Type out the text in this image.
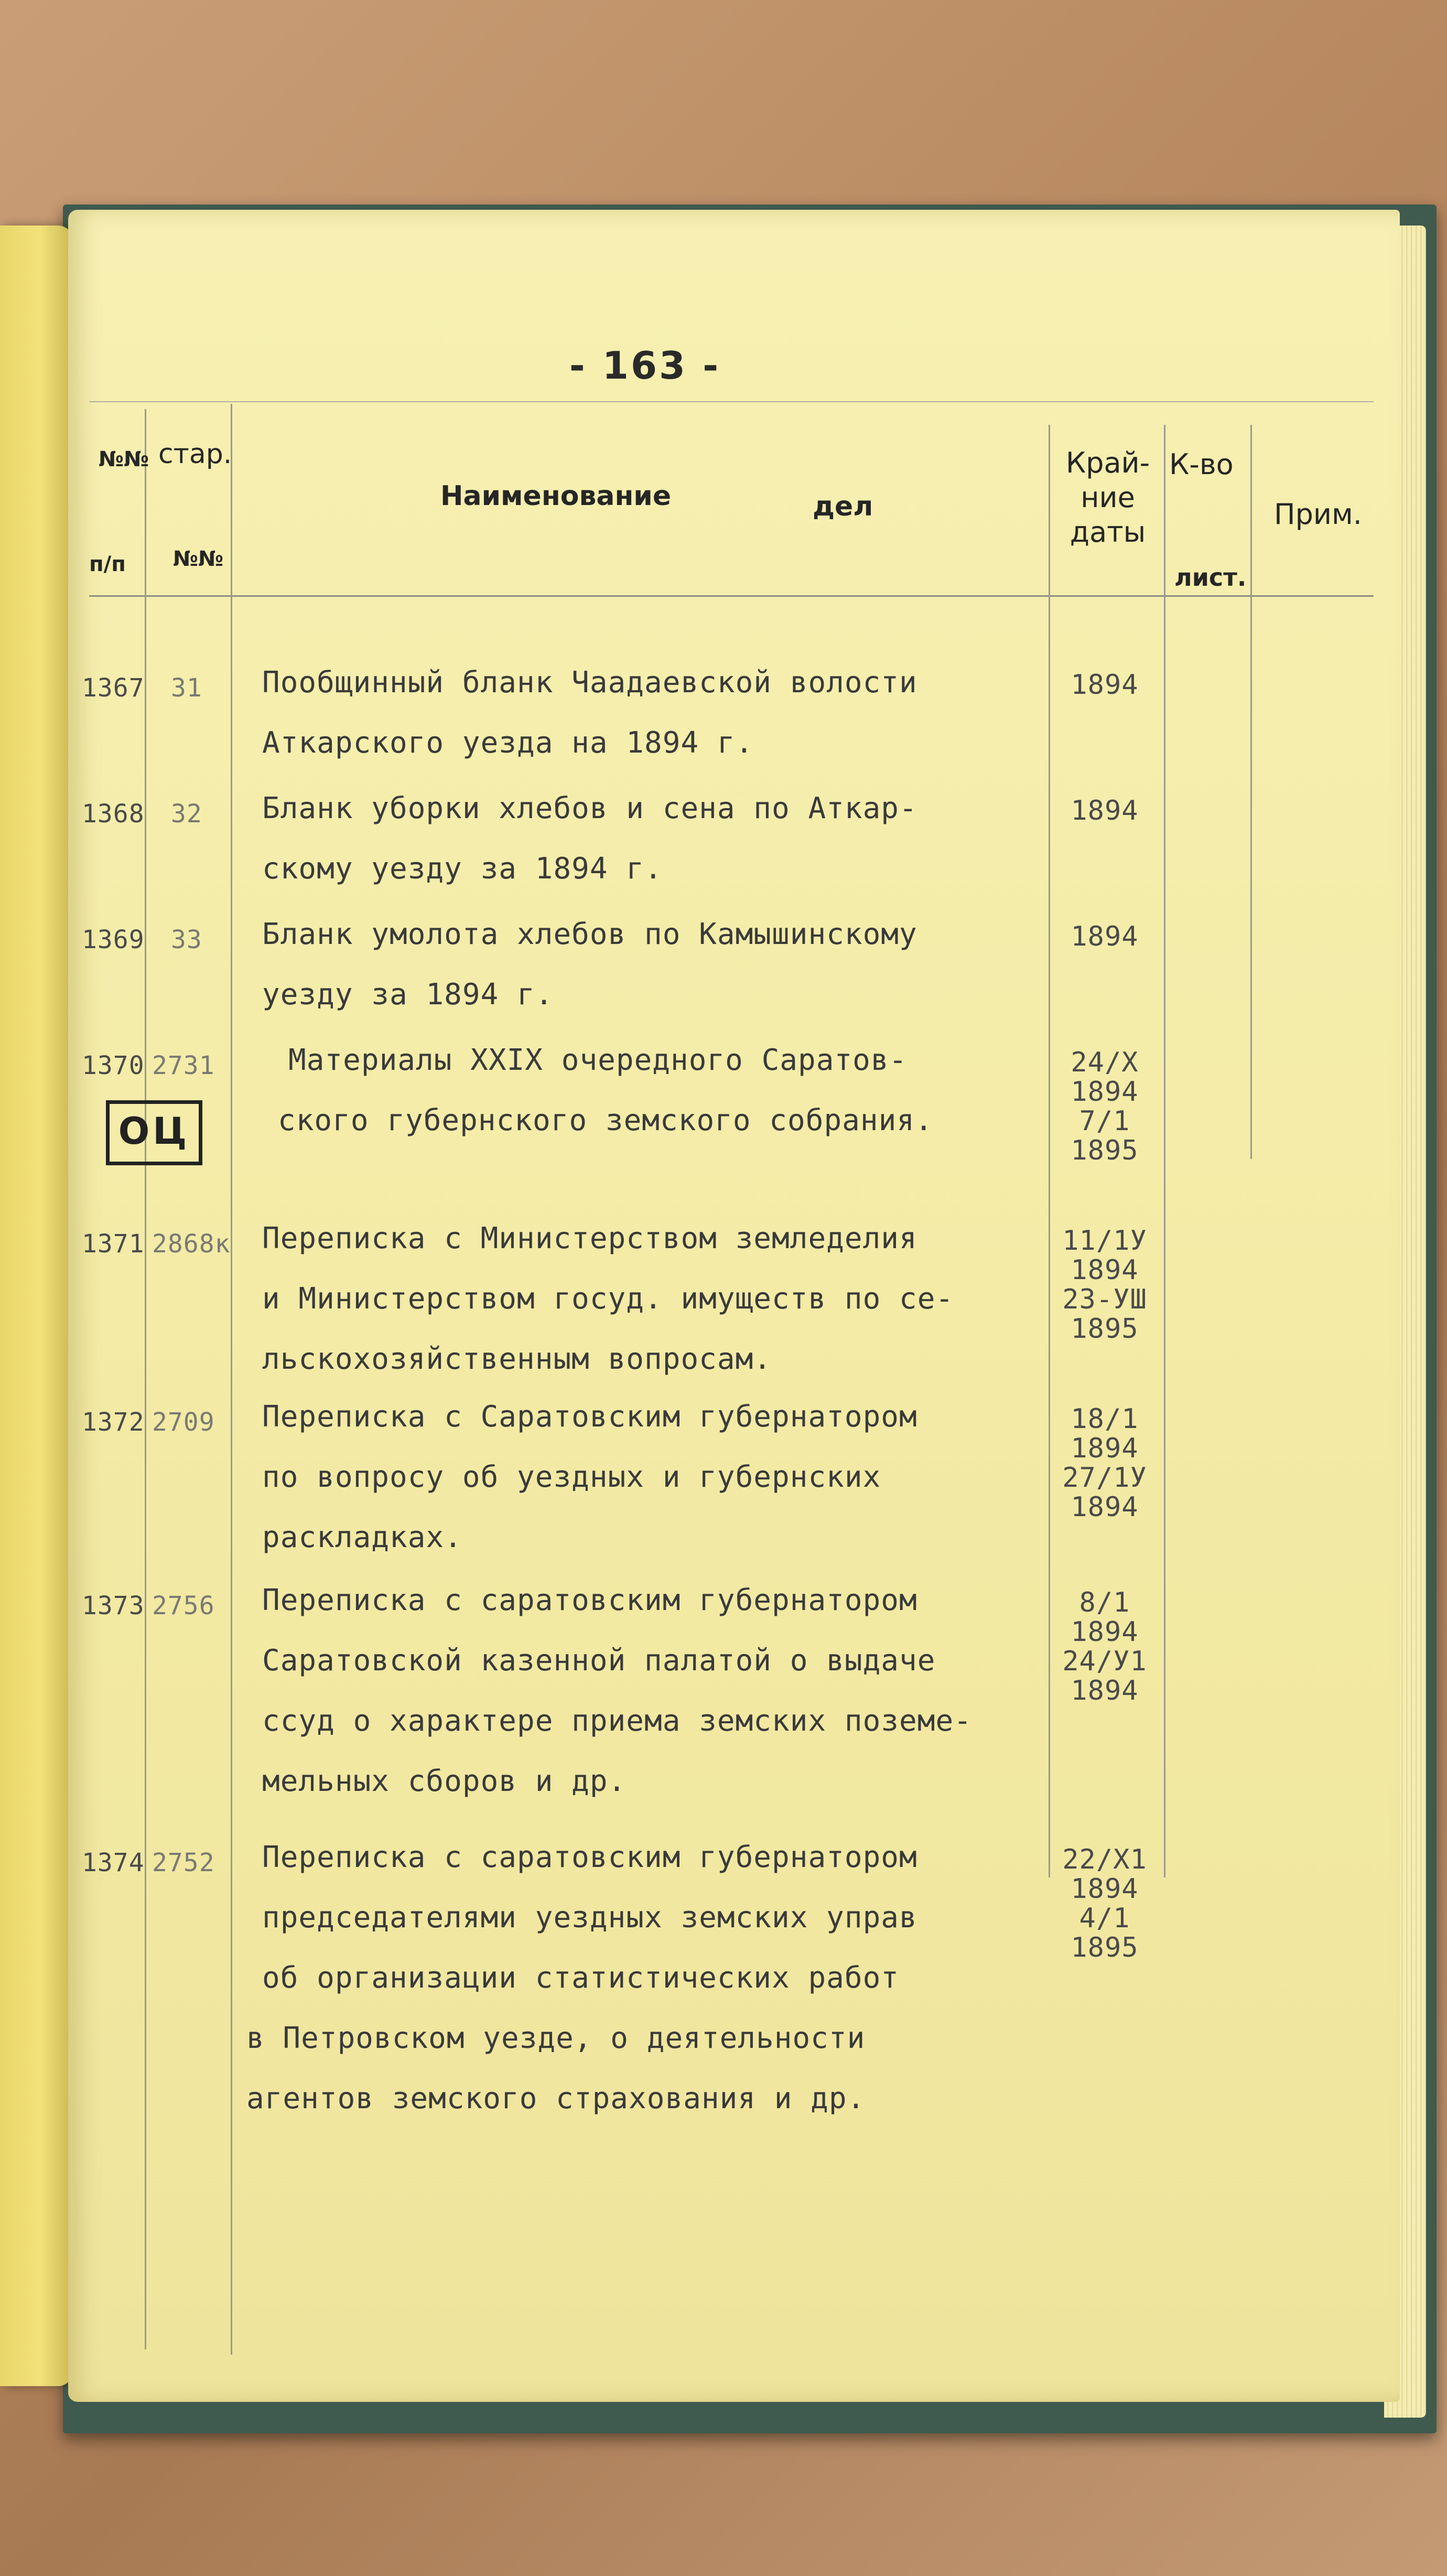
- 163 -
№№
п/п
стар.
№№
Наименование	дел
Край-
ние
даты
К-во
лист.
Прим.
ОЦ
1367 31 Пообщинный бланк Чаадаевской волости
Аткарского уезда на 1894 г.
1894
1368 32 Бланк уборки хлебов и сена по Аткар-
скому уезду за 1894 г.
1894
1369 33 Бланк умолота хлебов по Камышинскому
уезду за 1894 г.
1894
1370 2731	Материалы XXIX очередного Саратов-
ского губернского земского собрания.
24/X
1894
7/1
1895
1371 2868к Переписка с Министерством земледелия
и Министерством госуд. имуществ по се-
льскохозяйственным вопросам.
11/1У
1894
23-УШ
1895
1372 2709 Переписка с Саратовским губернатором
по вопросу об уездных и губернских
раскладках.
18/1
1894
27/1У
1894
1373 2756 Переписка с саратовским губернатором
Саратовской казенной палатой о выдаче
ссуд о характере приема земских поземе-
мельных сборов и др.
8/1
1894
24/У1
1894
1374 2752 Переписка с саратовским губернатором
председателями уездных земских управ
об организации статистических работ
в Петровском уезде, о деятельности
агентов земского страхования и др.
22/X1
1894
4/1
1895
